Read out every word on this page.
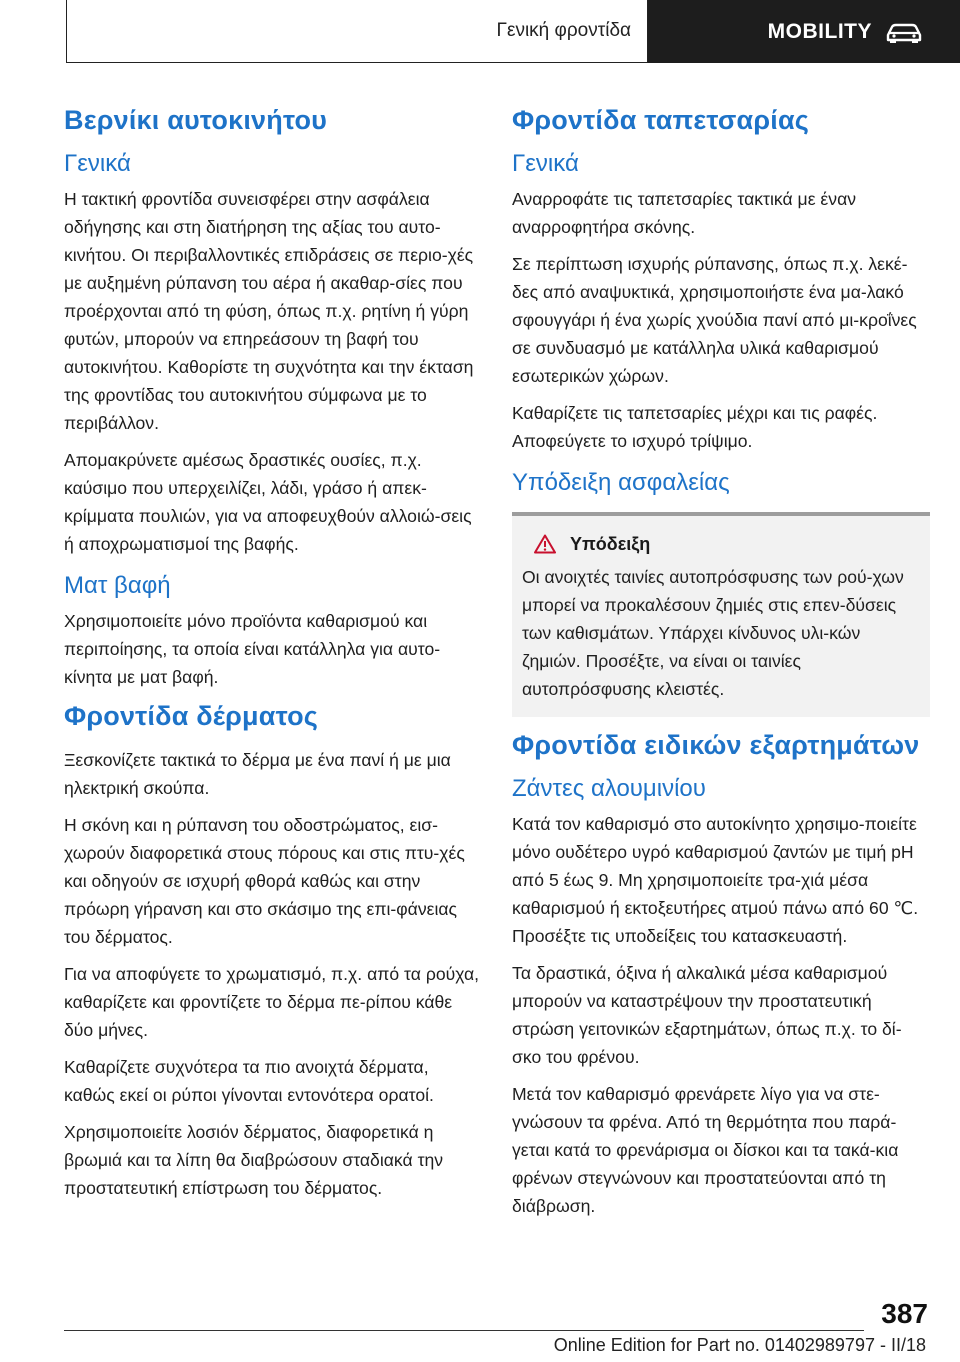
Γενική φροντίδα	MOBILITY
Βερνίκι αυτοκινήτου
Γενικά

Η τακτική φροντίδα συνεισφέρει στην ασφάλεια οδήγησης και στη διατήρηση της αξίας του αυτο-κινήτου. Οι περιβαλλοντικές επιδράσεις σε περιο-χές με αυξημένη ρύπανση του αέρα ή ακαθαρ-σίες που προέρχονται από τη φύση, όπως π.χ. ρητίνη ή γύρη φυτών, μπορούν να επηρεάσουν τη βαφή του αυτοκινήτου. Καθορίστε τη συχνότητα και την έκταση της φροντίδας του αυτοκινήτου σύμφωνα με το περιβάλλον.

Απομακρύνετε αμέσως δραστικές ουσίες, π.χ. καύσιμο που υπερχειλίζει, λάδι, γράσο ή απεκ-κρίμματα πουλιών, για να αποφευχθούν αλλοιώ-σεις ή αποχρωματισμοί της βαφής.

Ματ βαφή

Χρησιμοποιείτε μόνο προϊόντα καθαρισμού και περιποίησης, τα οποία είναι κατάλληλα για αυτο-κίνητα με ματ βαφή.

Φροντίδα δέρματος

Ξεσκονίζετε τακτικά το δέρμα με ένα πανί ή με μια ηλεκτρική σκούπα.

Η σκόνη και η ρύπανση του οδοστρώματος, εισ-χωρούν διαφορετικά στους πόρους και στις πτυ-χές και οδηγούν σε ισχυρή φθορά καθώς και στην πρόωρη γήρανση και στο σκάσιμο της επι-φάνειας του δέρματος.

Για να αποφύγετε το χρωματισμό, π.χ. από τα ρούχα, καθαρίζετε και φροντίζετε το δέρμα πε-ρίπου κάθε δύο μήνες.

Καθαρίζετε συχνότερα τα πιο ανοιχτά δέρματα, καθώς εκεί οι ρύποι γίνονται εντονότερα ορατοί.

Χρησιμοποιείτε λοσιόν δέρματος, διαφορετικά η βρωμιά και τα λίπη θα διαβρώσουν σταδιακά την προστατευτική επίστρωση του δέρματος.

Φροντίδα ταπετσαρίας
Γενικά

Αναρροφάτε τις ταπετσαρίες τακτικά με έναν αναρροφητήρα σκόνης.

Σε περίπτωση ισχυρής ρύπανσης, όπως π.χ. λεκέ-δες από αναψυκτικά, χρησιμοποιήστε ένα μα-λακό σφουγγάρι ή ένα χωρίς χνούδια πανί από μι-κροΐνες σε συνδυασμό με κατάλληλα υλικά καθαρισμού εσωτερικών χώρων.

Καθαρίζετε τις ταπετσαρίες μέχρι και τις ραφές. Αποφεύγετε το ισχυρό τρίψιμο.

Υπόδειξη ασφαλείας
Υπόδειξη

Οι ανοιχτές ταινίες αυτοπρόσφυσης των ρού-χων μπορεί να προκαλέσουν ζημιές στις επεν-δύσεις των καθισμάτων. Υπάρχει κίνδυνος υλι-κών ζημιών. Προσέξτε, να είναι οι ταινίες αυτοπρόσφυσης κλειστές.

Φροντίδα ειδικών εξαρτημάτων
Ζάντες αλουμινίου

Κατά τον καθαρισμό στο αυτοκίνητο χρησιμο-ποιείτε μόνο ουδέτερο υγρό καθαρισμού ζαντών με τιμή pH από 5 έως 9. Μη χρησιμοποιείτε τρα-χιά μέσα καθαρισμού ή εκτοξευτήρες ατμού πάνω από 60 ℃. Προσέξτε τις υποδείξεις του κατασκευαστή.

Τα δραστικά, όξινα ή αλκαλικά μέσα καθαρισμού μπορούν να καταστρέψουν την προστατευτική στρώση γειτονικών εξαρτημάτων, όπως π.χ. το δί-σκο του φρένου.

Μετά τον καθαρισμό φρενάρετε λίγο για να στε-γνώσουν τα φρένα. Από τη θερμότητα που παρά-γεται κατά το φρενάρισμα οι δίσκοι και τα τακά-κια φρένων στεγνώνουν και προστατεύονται από τη διάβρωση.

387
Online Edition for Part no. 01402989797 - II/18
